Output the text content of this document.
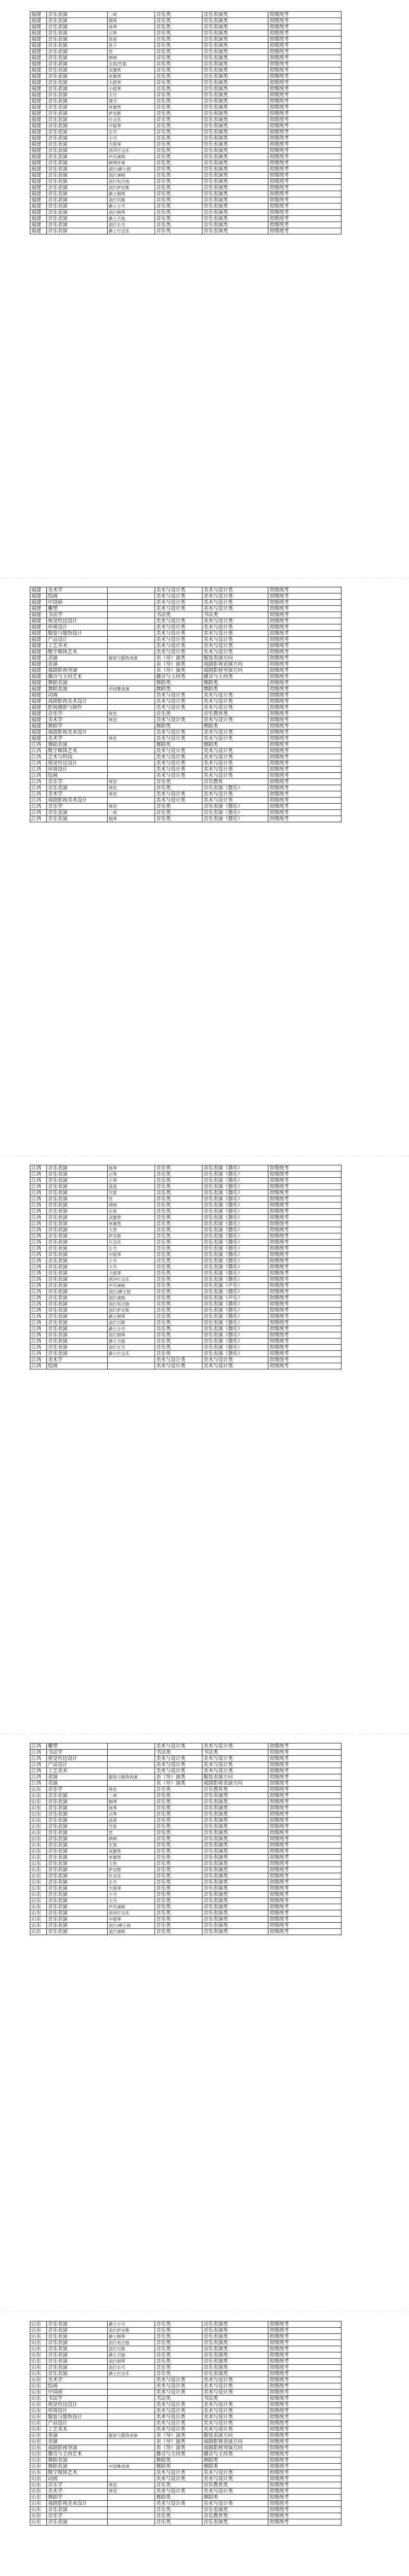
福建	音乐表演	二胡	音乐类	音乐表演类	省级统考
福建	音乐表演	钢琴	音乐类	音乐表演类	省级统考
福建	音乐表演	扬琴	音乐类	音乐表演类	省级统考
福建	音乐表演	古筝	音乐类	音乐表演类	省级统考
福建	音乐表演	琵琶	音乐类	音乐表演类	省级统考
福建	音乐表演	笛子	音乐类	音乐表演类	省级统考
福建	音乐表演	笙	音乐类	音乐表演类	省级统考
福建	音乐表演	唢呐	音乐类	音乐表演类	省级统考
福建	音乐表演	长笛/竹笛	音乐类	音乐表演类	省级统考
福建	音乐表演	双簧管	音乐类	音乐表演类	省级统考
福建	音乐表演	单簧管	音乐类	音乐表演类	省级统考
福建	音乐表演	大提琴	音乐类	音乐表演类	省级统考
福建	音乐表演	小提琴	音乐类	音乐表演类	省级统考
福建	音乐表演	大号	音乐类	音乐表演类	省级统考
福建	音乐表演	圆号	音乐类	音乐表演类	省级统考
福建	音乐表演	单簧管	音乐类	音乐表演类	省级统考
福建	音乐表演	萨克斯	音乐类	音乐表演类	省级统考
福建	音乐表演	打击乐	音乐类	音乐表演类	省级统考
福建	音乐表演	中提琴	音乐类	音乐表演类	省级统考
福建	音乐表演	长号	音乐类	音乐表演类	省级统考
福建	音乐表演	小号	音乐类	音乐表演类	省级统考
福建	音乐表演	大提琴	音乐类	音乐表演类	省级统考
福建	音乐表演	西洋打击乐	音乐类	音乐表演类	省级统考
福建	音乐表演	声乐演唱	音乐类	音乐表演类	省级统考
福建	音乐表演	钢琴伴奏	音乐类	音乐表演类	省级统考
福建	音乐表演	流行/爵士鼓	音乐类	音乐表演类	省级统考
福建	音乐表演	流行演唱	音乐类	音乐表演类	省级统考
福建	音乐表演	流行电吉他	音乐类	音乐表演类	省级统考
福建	音乐表演	流行萨克斯	音乐类	音乐表演类	省级统考
福建	音乐表演	爵士钢琴	音乐类	音乐表演类	省级统考
福建	音乐表演	流行贝斯	音乐类	音乐表演类	省级统考
福建	音乐表演	爵士小号	音乐类	音乐表演类	省级统考
福建	音乐表演	流行钢琴	音乐类	音乐表演类	省级统考
福建	音乐表演	爵士吉他	音乐类	音乐表演类	省级统考
福建	音乐表演	流行长号	音乐类	音乐表演类	省级统考
福建	音乐表演	爵士打击乐	音乐类	音乐表演类	省级统考
福建	美术学		美术与设计类	美术与设计类	省级统考
福建	绘画		美术与设计类	美术与设计类	省级统考
福建	中国画		美术与设计类	美术与设计类	省级统考
福建	雕塑		美术与设计类	美术与设计类	省级统考
福建	书法学		书法类	书法类	省级统考
福建	视觉传达设计		美术与设计类	美术与设计类	省级统考
福建	环境设计		美术与设计类	美术与设计类	省级统考
福建	服装与服饰设计		美术与设计类	美术与设计类	省级统考
福建	产品设计		美术与设计类	美术与设计类	省级统考
福建	工艺美术		美术与设计类	美术与设计类	省级统考
福建	数字媒体艺术		美术与设计类	美术与设计类	省级统考
福建	表演	服装与服饰表演	表（导）演类	服装表演方向	省级统考
福建	表演		表（导）演类	戏剧影视表演方向	省级统考
福建	戏剧影视导演		表（导）演类	戏剧影视导演方向	省级统考
福建	播音与主持艺术		播音与主持类	播音与主持类	省级统考
福建	舞蹈表演		舞蹈类	舞蹈类	省级统考
福建	舞蹈表演	中国舞表演	舞蹈类	舞蹈类	省级统考
福建	动画		美术与设计类	美术与设计类	省级统考
福建	戏剧影视美术设计		美术与设计类	美术与设计类	省级统考
福建	影视摄影与制作		美术与设计类	美术与设计类	省级统考
福建	音乐学	师范	音乐类	音乐教育类	省级统考
福建	美术学	师范	美术与设计类	美术与设计类	省级统考
福建	舞蹈学		舞蹈类	舞蹈类	省级统考
福建	戏剧影视美术设计		美术与设计类	美术与设计类	省级统考
福建	美术学	师范	美术与设计类	美术与设计类	省级统考
江西	舞蹈表演		舞蹈类	舞蹈类	省级统考
江西	数字媒体艺术		美术与设计类	美术与设计类	省级统考
江西	艺术与科技		美术与设计类	美术与设计类	省级统考
江西	视觉传达设计		美术与设计类	美术与设计类	省级统考
江西	环境设计		美术与设计类	美术与设计类	省级统考
江西	绘画		美术与设计类	美术与设计类	省级统考
江西	音乐学	师范	音乐类	音乐教育	省级统考
江西	音乐表演	师范	音乐类	音乐表演（器乐）	省级统考
江西	美术学	师范	美术与设计类	美术与设计类	省级统考
江西	戏剧影视美术设计		美术与设计类	美术与设计类	省级统考
江西	音乐学	师范	音乐类	音乐表演（器乐）	省级统考
江西	音乐表演	二胡	音乐类	音乐表演（器乐）	省级统考
江西	音乐表演	钢琴	音乐类	音乐表演（器乐）	省级统考
江西	音乐表演	扬琴	音乐类	音乐表演（器乐）	省级统考
江西	音乐表演	古筝	音乐类	音乐表演（器乐）	省级统考
江西	音乐表演	古琴	音乐类	音乐表演（器乐）	省级统考
江西	音乐表演	琵琶	音乐类	音乐表演（器乐）	省级统考
江西	音乐表演	竹笛	音乐类	音乐表演（器乐）	省级统考
江西	音乐表演	笙	音乐类	音乐表演（器乐）	省级统考
江西	音乐表演	唢呐	音乐类	音乐表演（器乐）	省级统考
江西	音乐表演	长笛	音乐类	音乐表演（器乐）	省级统考
江西	音乐表演	双簧管	音乐类	音乐表演（器乐）	省级统考
江西	音乐表演	单簧管	音乐类	音乐表演（器乐）	省级统考
江西	音乐表演	大管	音乐类	音乐表演（器乐）	省级统考
江西	音乐表演	萨克斯	音乐类	音乐表演（器乐）	省级统考
江西	音乐表演	打击乐	音乐类	音乐表演（器乐）	省级统考
江西	音乐表演	长号	音乐类	音乐表演（器乐）	省级统考
江西	音乐表演	中提琴	音乐类	音乐表演（器乐）	省级统考
江西	音乐表演	小号	音乐类	音乐表演（器乐）	省级统考
江西	音乐表演	大号	音乐类	音乐表演（器乐）	省级统考
江西	音乐表演	大提琴	音乐类	音乐表演（器乐）	省级统考
江西	音乐表演	西洋打击乐	音乐类	音乐表演（器乐）	省级统考
江西	音乐表演	声乐演唱	音乐类	音乐表演（声乐）	省级统考
江西	音乐表演	流行/爵士鼓	音乐类	音乐表演（器乐）	省级统考
江西	音乐表演	流行演唱	音乐类	音乐表演（声乐）	省级统考
江西	音乐表演	流行电吉他	音乐类	音乐表演（器乐）	省级统考
江西	音乐表演	流行萨克斯	音乐类	音乐表演（器乐）	省级统考
江西	音乐表演	爵士钢琴	音乐类	音乐表演（器乐）	省级统考
江西	音乐表演	流行贝斯	音乐类	音乐表演（器乐）	省级统考
江西	音乐表演	爵士小号	音乐类	音乐表演（器乐）	省级统考
江西	音乐表演	流行钢琴	音乐类	音乐表演（器乐）	省级统考
江西	音乐表演	爵士吉他	音乐类	音乐表演（器乐）	省级统考
江西	音乐表演	流行长号	音乐类	音乐表演（器乐）	省级统考
江西	音乐表演	爵士打击乐	音乐类	音乐表演（器乐）	省级统考
江西	美术学		美术与设计类	美术与设计类	省级统考
江西	绘画		美术与设计类	美术与设计类	省级统考
江西	雕塑		美术与设计类	美术与设计类	省级统考
江西	书法学		书法类	书法类	省级统考
江西	视觉传达设计		美术与设计类	美术与设计类	省级统考
江西	产品设计		美术与设计类	美术与设计类	省级统考
江西	工艺美术		美术与设计类	美术与设计类	省级统考
江西	表演	服装与服饰表演	表（导）演类	服装表演方向	省级统考
江西	表演		表（导）演类	戏剧影视表演方向	省级统考
山东	音乐学	师范	音乐类	音乐教育类	省级统考
山东	音乐表演	二胡	音乐类	音乐表演类	省级统考
山东	音乐表演	钢琴	音乐类	音乐表演类	省级统考
山东	音乐表演	扬琴	音乐类	音乐表演类	省级统考
山东	音乐表演	古筝	音乐类	音乐表演类	省级统考
山东	音乐表演	琵琶	音乐类	音乐表演类	省级统考
山东	音乐表演	竹笛	音乐类	音乐表演类	省级统考
山东	音乐表演	笙	音乐类	音乐表演类	省级统考
山东	音乐表演	唢呐	音乐类	音乐表演类	省级统考
山东	音乐表演	长笛	音乐类	音乐表演类	省级统考
山东	音乐表演	双簧管	音乐类	音乐表演类	省级统考
山东	音乐表演	单簧管	音乐类	音乐表演类	省级统考
山东	音乐表演	大管	音乐类	音乐表演类	省级统考
山东	音乐表演	萨克斯	音乐类	音乐表演类	省级统考
山东	音乐表演	打击乐	音乐类	音乐表演类	省级统考
山东	音乐表演	长号	音乐类	音乐表演类	省级统考
山东	音乐表演	大提琴	音乐类	音乐表演类	省级统考
山东	音乐表演	小号	音乐类	音乐表演类	省级统考
山东	音乐表演	大号	音乐类	音乐表演类	省级统考
山东	音乐表演	声乐演唱	音乐类	音乐表演类	省级统考
山东	音乐表演	西洋打击乐	音乐类	音乐表演类	省级统考
山东	音乐表演	中提琴	音乐类	音乐表演类	省级统考
山东	音乐表演	流行/爵士鼓	音乐类	音乐表演类	省级统考
山东	音乐表演	流行演唱	音乐类	音乐表演类	省级统考
山东	音乐表演	爵士小号	音乐类	音乐表演类	省级统考
山东	音乐表演	流行萨克斯	音乐类	音乐表演类	省级统考
山东	音乐表演	爵士钢琴	音乐类	音乐表演类	省级统考
山东	音乐表演	流行电吉他	音乐类	音乐表演类	省级统考
山东	音乐表演	流行贝斯	音乐类	音乐表演类	省级统考
山东	音乐表演	爵士吉他	音乐类	音乐表演类	省级统考
山东	音乐表演	流行钢琴	音乐类	音乐表演类	省级统考
山东	音乐表演	流行长号	音乐类	音乐表演类	省级统考
山东	音乐表演	爵士打击乐	音乐类	音乐表演类	省级统考
山东	美术学		美术与设计类	美术与设计类	省级统考
山东	绘画		美术与设计类	美术与设计类	省级统考
山东	中国画		美术与设计类	美术与设计类	省级统考
山东	书法学		书法类	书法类	省级统考
山东	视觉传达设计		美术与设计类	美术与设计类	省级统考
山东	环境设计		美术与设计类	美术与设计类	省级统考
山东	服装与服饰设计		美术与设计类	美术与设计类	省级统考
山东	产品设计		美术与设计类	美术与设计类	省级统考
山东	工艺美术		美术与设计类	美术与设计类	省级统考
山东	表演	服装与服饰表演	表（导）演类	服装表演方向	省级统考
山东	表演		表（导）演类	戏剧影视表演方向	省级统考
山东	戏剧影视导演		表（导）演类	戏剧影视导演方向	省级统考
山东	播音与主持艺术		播音与主持类	播音与主持类	省级统考
山东	舞蹈表演		舞蹈类	舞蹈类	省级统考
山东	舞蹈表演	中国舞表演	舞蹈类	舞蹈类	省级统考
山东	数字媒体艺术		美术与设计类	美术与设计类	省级统考
山东	动画		美术与设计类	美术与设计类	省级统考
山东	音乐学	师范	音乐类	音乐教育类	省级统考
山东	美术学	师范	美术与设计类	美术与设计类	省级统考
山东	舞蹈学		舞蹈类	舞蹈类	省级统考
山东	戏剧影视美术设计		美术与设计类	美术与设计类	省级统考
山东	音乐表演		音乐类	音乐表演类	省级统考
山东	音乐学		音乐类	音乐教育类	省级统考
山东	音乐表演		音乐类	音乐表演类	省级统考
